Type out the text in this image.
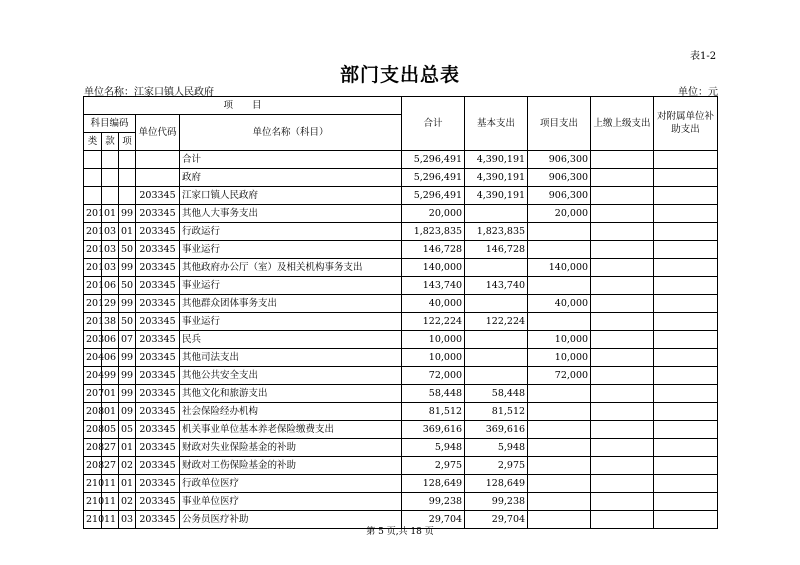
表1-2
部门支出总表
单位名称：江家口镇人民政府	单位：元
项　　目					合计	基本支出	项目支出	上缴上级支出	对附属单位补助支出
科目编码			单位代码	单位名称（科目）					
类	款	项							
				合计	5,296,491	4,390,191	906,300		
				政府	5,296,491	4,390,191	906,300		
			203345	江家口镇人民政府	5,296,491	4,390,191	906,300		
201	01	99	203345	其他人大事务支出	20,000		20,000		
201	03	01	203345	行政运行	1,823,835	1,823,835			
201	03	50	203345	事业运行	146,728	146,728			
201	03	99	203345	其他政府办公厅（室）及相关机构事务支出	140,000		140,000		
201	06	50	203345	事业运行	143,740	143,740			
201	29	99	203345	其他群众团体事务支出	40,000		40,000		
201	38	50	203345	事业运行	122,224	122,224			
203	06	07	203345	民兵	10,000		10,000		
204	06	99	203345	其他司法支出	10,000		10,000		
204	99	99	203345	其他公共安全支出	72,000		72,000		
207	01	99	203345	其他文化和旅游支出	58,448	58,448			
208	01	09	203345	社会保险经办机构	81,512	81,512			
208	05	05	203345	机关事业单位基本养老保险缴费支出	369,616	369,616			
208	27	01	203345	财政对失业保险基金的补助	5,948	5,948			
208	27	02	203345	财政对工伤保险基金的补助	2,975	2,975			
210	11	01	203345	行政单位医疗	128,649	128,649			
210	11	02	203345	事业单位医疗	99,238	99,238			
210	11	03	203345	公务员医疗补助	29,704	29,704			
第 5 页,共 18 页
